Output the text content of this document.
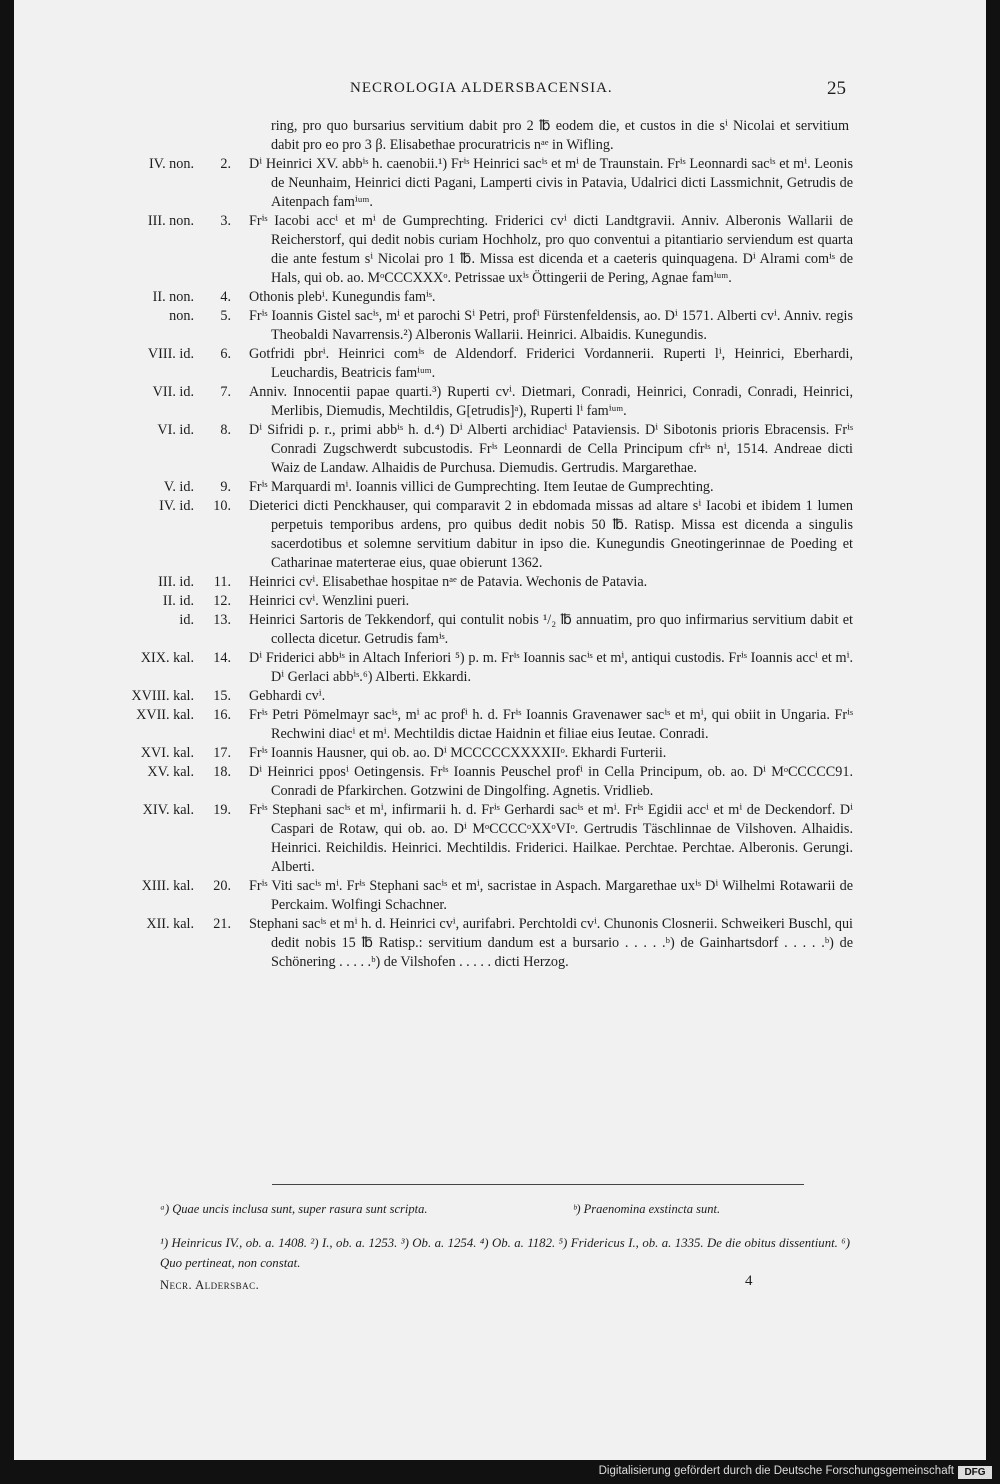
NECROLOGIA ALDERSBACENSIA.	25
ring, pro quo bursarius servitium dabit pro 2 ℔ eodem die, et custos in die sⁱ Nicolai et servitium dabit pro eo pro 3 β. Elisabethae procuratricis nᵃᵉ in Wifling.
IV. non.	2.	Dⁱ Heinrici XV. abbⁱˢ h. caenobii.¹) Frⁱˢ Heinrici sacⁱˢ et mⁱ de Traunstain. Frⁱˢ Leonnardi sacⁱˢ et mⁱ. Leonis de Neunhaim, Heinrici dicti Pagani, Lamperti civis in Patavia, Udalrici dicti Lassmichnit, Getrudis de Aitenpach famⁱᵘᵐ.
III. non.	3.	Frⁱˢ Iacobi accⁱ et mⁱ de Gumprechting. Friderici cvⁱ dicti Landtgravii. Anniv. Alberonis Wallarii de Reicherstorf, qui dedit nobis curiam Hochholz, pro quo conventui a pitantiario serviendum est quarta die ante festum sⁱ Nicolai pro 1 ℔. Missa est dicenda et a caeteris quinquagena. Dⁱ Alrami comⁱˢ de Hals, qui ob. ao. MᵒCCCXXXᵒ. Petrissae uxⁱˢ Öttingerii de Pering, Agnae famⁱᵘᵐ.
II. non.	4.	Othonis plebⁱ. Kunegundis famⁱˢ.
non.	5.	Frⁱˢ Ioannis Gistel sacⁱˢ, mⁱ et parochi Sⁱ Petri, profⁱ Fürstenfeldensis, ao. Dⁱ 1571. Alberti cvⁱ. Anniv. regis Theobaldi Navarrensis.²) Alberonis Wallarii. Heinrici. Albaidis. Kunegundis.
VIII. id.	6.	Gotfridi pbrⁱ. Heinrici comⁱˢ de Aldendorf. Friderici Vordannerii. Ruperti lⁱ, Heinrici, Eberhardi, Leuchardis, Beatricis famⁱᵘᵐ.
VII. id.	7.	Anniv. Innocentii papae quarti.³) Ruperti cvⁱ. Dietmari, Conradi, Heinrici, Conradi, Conradi, Heinrici, Merlibis, Diemudis, Mechtildis, G[etrudis]ᵃ), Ruperti lⁱ famⁱᵘᵐ.
VI. id.	8.	Dⁱ Sifridi p. r., primi abbⁱˢ h. d.⁴) Dⁱ Alberti archidiacⁱ Pataviensis. Dⁱ Sibotonis prioris Ebracensis. Frⁱˢ Conradi Zugschwerdt subcustodis. Frⁱˢ Leonnardi de Cella Principum cfrⁱˢ nⁱ, 1514. Andreae dicti Waiz de Landaw. Alhaidis de Purchusa. Diemudis. Gertrudis. Margarethae.
V. id.	9.	Frⁱˢ Marquardi mⁱ. Ioannis villici de Gumprechting. Item Ieutae de Gumprechting.
IV. id.	10.	Dieterici dicti Penckhauser, qui comparavit 2 in ebdomada missas ad altare sⁱ Iacobi et ibidem 1 lumen perpetuis temporibus ardens, pro quibus dedit nobis 50 ℔. Ratisp. Missa est dicenda a singulis sacerdotibus et solemne servitium dabitur in ipso die. Kunegundis Gneotingerinnae de Poeding et Catharinae materterae eius, quae obierunt 1362.
III. id.	11.	Heinrici cvⁱ. Elisabethae hospitae nᵃᵉ de Patavia. Wechonis de Patavia.
II. id.	12.	Heinrici cvⁱ. Wenzlini pueri.
id.	13.	Heinrici Sartoris de Tekkendorf, qui contulit nobis ¹/₂ ℔ annuatim, pro quo infirmarius servitium dabit et collecta dicetur. Getrudis famⁱˢ.
XIX. kal.	14.	Dⁱ Friderici abbⁱˢ in Altach Inferiori ⁵) p. m. Frⁱˢ Ioannis sacⁱˢ et mⁱ, antiqui custodis. Frⁱˢ Ioannis accⁱ et mⁱ. Dⁱ Gerlaci abbⁱˢ.⁶) Alberti. Ekkardi.
XVIII. kal.	15.	Gebhardi cvⁱ.
XVII. kal.	16.	Frⁱˢ Petri Pömelmayr sacⁱˢ, mⁱ ac profⁱ h. d. Frⁱˢ Ioannis Gravenawer sacⁱˢ et mⁱ, qui obiit in Ungaria. Frⁱˢ Rechwini diacⁱ et mⁱ. Mechtildis dictae Haidnin et filiae eius Ieutae. Conradi.
XVI. kal.	17.	Frⁱˢ Ioannis Hausner, qui ob. ao. Dⁱ MCCCCCXXXXIIᵒ. Ekhardi Furterii.
XV. kal.	18.	Dⁱ Heinrici pposⁱ Oetingensis. Frⁱˢ Ioannis Peuschel profⁱ in Cella Principum, ob. ao. Dⁱ MᵒCCCCC91. Conradi de Pfarkirchen. Gotzwini de Dingolfing. Agnetis. Vridlieb.
XIV. kal.	19.	Frⁱˢ Stephani sacⁱˢ et mⁱ, infirmarii h. d. Frⁱˢ Gerhardi sacⁱˢ et mⁱ. Frⁱˢ Egidii accⁱ et mⁱ de Deckendorf. Dⁱ Caspari de Rotaw, qui ob. ao. Dⁱ MᵒCCCCᵒXXᵒVIᵒ. Gertrudis Täschlinnae de Vilshoven. Alhaidis. Heinrici. Reichildis. Heinrici. Mechtildis. Friderici. Hailkae. Perchtae. Perchtae. Alberonis. Gerungi. Alberti.
XIII. kal.	20.	Frⁱˢ Viti sacⁱˢ mⁱ. Frⁱˢ Stephani sacⁱˢ et mⁱ, sacristae in Aspach. Margarethae uxⁱˢ Dⁱ Wilhelmi Rotawarii de Perckaim. Wolfingi Schachner.
XII. kal.	21.	Stephani sacⁱˢ et mⁱ h. d. Heinrici cvⁱ, aurifabri. Perchtoldi cvⁱ. Chunonis Closnerii. Schweikeri Buschl, qui dedit nobis 15 ℔ Ratisp.: servitium dandum est a bursario . . . . .ᵇ) de Gainhartsdorf . . . . .ᵇ) de Schönering . . . . .ᵇ) de Vilshofen . . . . . dicti Herzog.
ᵃ) Quae uncis inclusa sunt, super rasura sunt scripta.	ᵇ) Praenomina exstincta sunt.
¹) Heinricus IV., ob. a. 1408. ²) I., ob. a. 1253. ³) Ob. a. 1254. ⁴) Ob. a. 1182. ⁵) Fridericus I., ob. a. 1335. De die obitus dissentiunt. ⁶) Quo pertineat, non constat.
Necr. Aldersbac.	4
Digitalisierung gefördert durch die Deutsche Forschungsgemeinschaft	DFG
